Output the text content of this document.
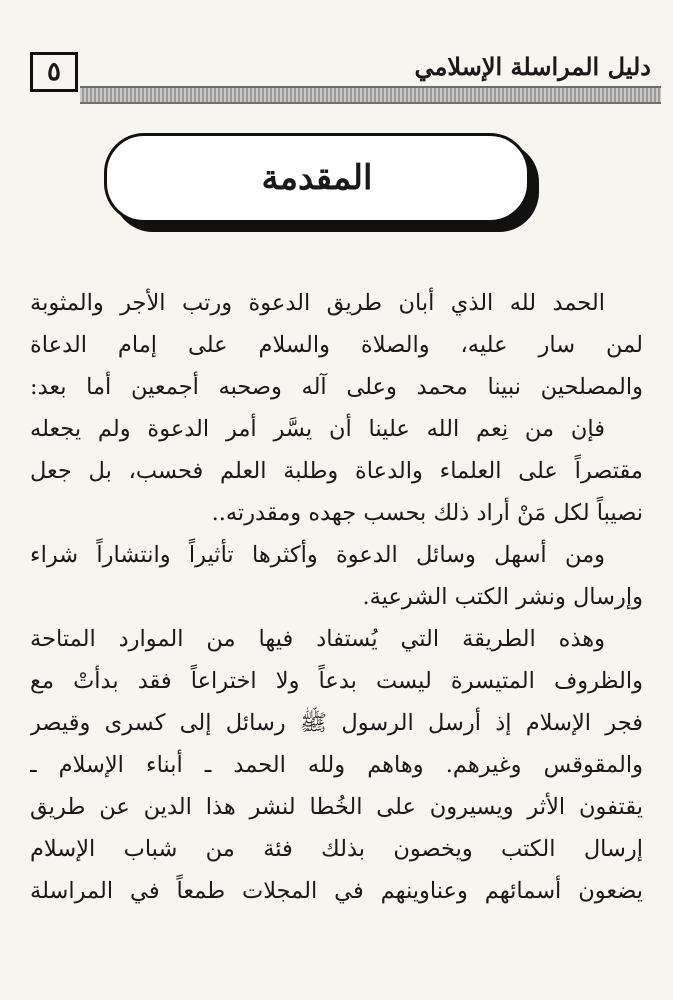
٥	دليل المراسلة الإسلامي
المقدمة
الحمد لله الذي أبان طريق الدعوة ورتب الأجر والمثوبة
لمن سار عليه، والصلاة والسلام على إمام الدعاة
والمصلحين نبينا محمد وعلى آله وصحبه أجمعين أما بعد:
فإن من نِعم الله علينا أن يسَّر أمر الدعوة ولم يجعله
مقتصراً على العلماء والدعاة وطلبة العلم فحسب، بل جعل
نصيباً لكل مَنْ أراد ذلك بحسب جهده ومقدرته..
ومن أسهل وسائل الدعوة وأكثرها تأثيراً وانتشاراً شراء
وإرسال ونشر الكتب الشرعية.
وهذه الطريقة التي يُستفاد فيها من الموارد المتاحة
والظروف المتيسرة ليست بدعاً ولا اختراعاً فقد بدأتْ مع
فجر الإسلام إذ أرسل الرسول ﷺ رسائل إلى كسرى وقيصر
والمقوقس وغيرهم. وهاهم ولله الحمد ـ أبناء الإسلام ـ
يقتفون الأثر ويسيرون على الخُطا لنشر هذا الدين عن طريق
إرسال الكتب ويخصون بذلك فئة من شباب الإسلام
يضعون أسمائهم وعناوينهم في المجلات طمعاً في المراسلة
